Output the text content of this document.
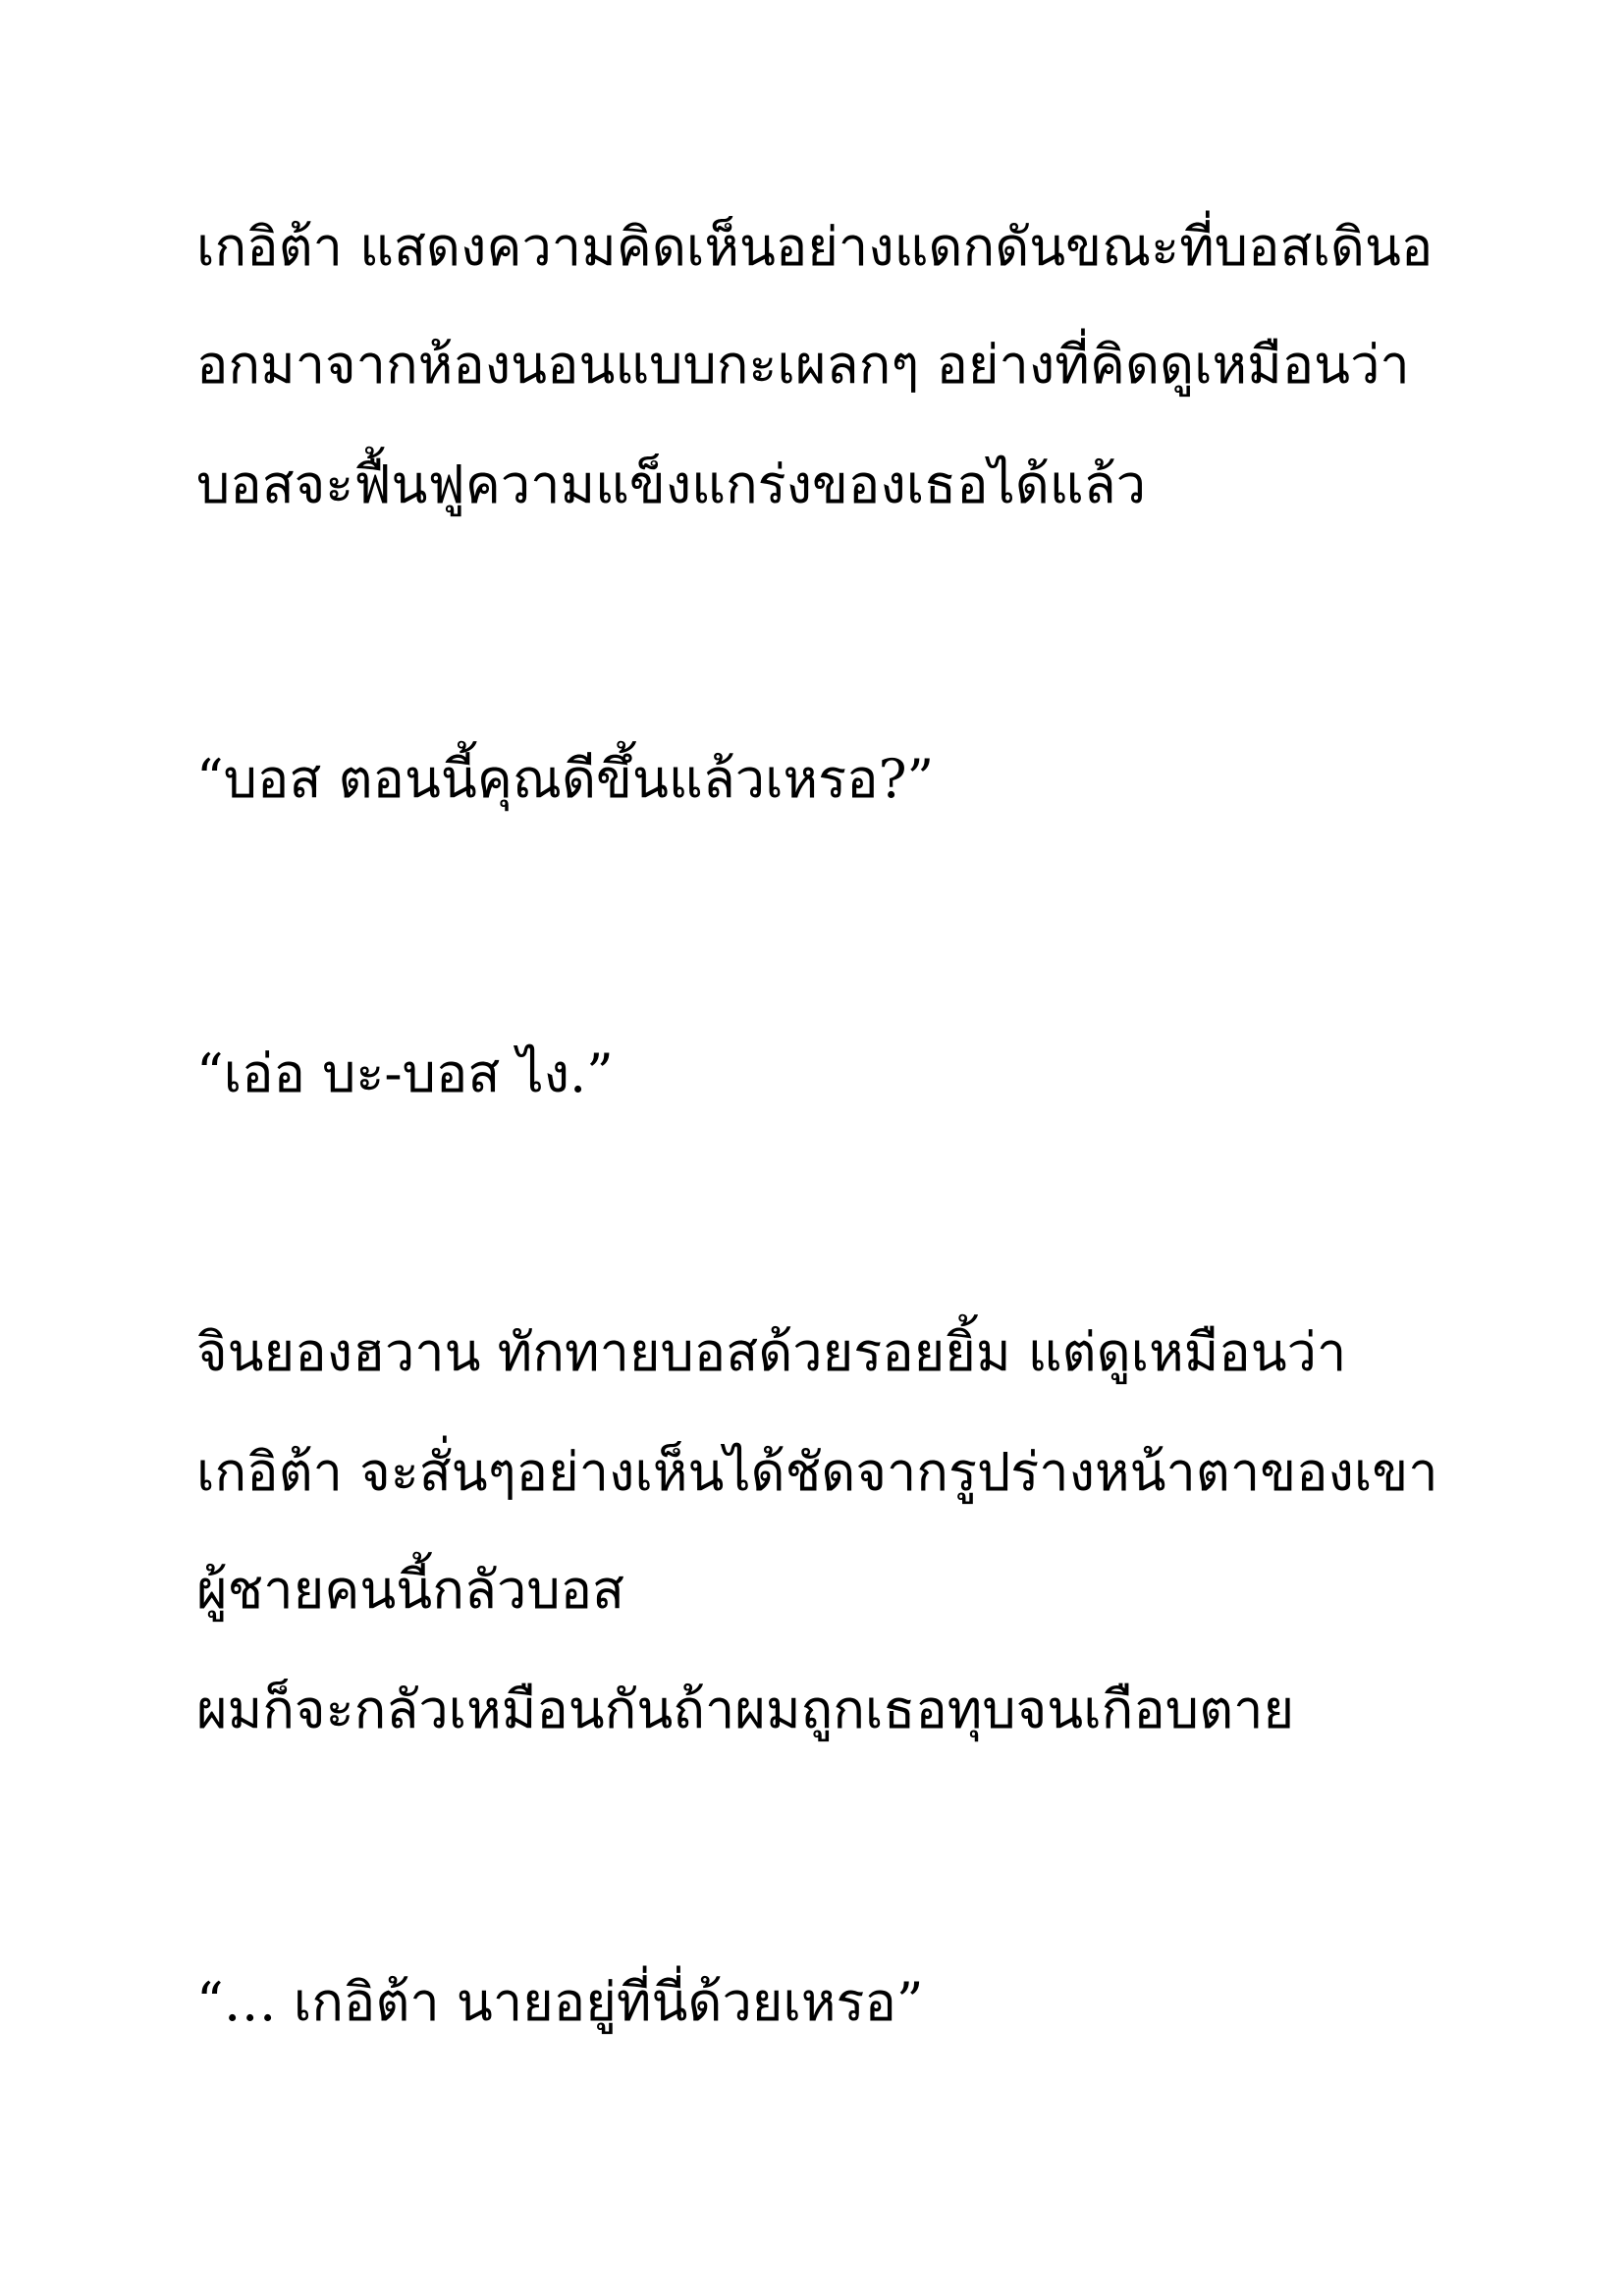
เกอิต้า แสดงความคิดเห็นอย่างแดกดันขณะที่บอสเดินอ

อกมาจากห้องนอนแบบกะเผลกๆ อย่างที่คิดดูเหมือนว่า

บอสจะฟื้นฟูความแข็งแกร่งของเธอได้แล้ว

“บอส ตอนนี้คุณดีขึ้นแล้วเหรอ?”

“เอ่อ บะ-บอส ไง.”

จินยองฮวาน ทักทายบอสด้วยรอยยิ้ม แต่ดูเหมือนว่า

เกอิต้า จะสั่นๆอย่างเห็นได้ชัดจากรูปร่างหน้าตาของเขา

ผู้ชายคนนี้กลัวบอส

ผมก็จะกลัวเหมือนกันถ้าผมถูกเธอทุบจนเกือบตาย

“… เกอิต้า นายอยู่ที่นี่ด้วยเหรอ”
